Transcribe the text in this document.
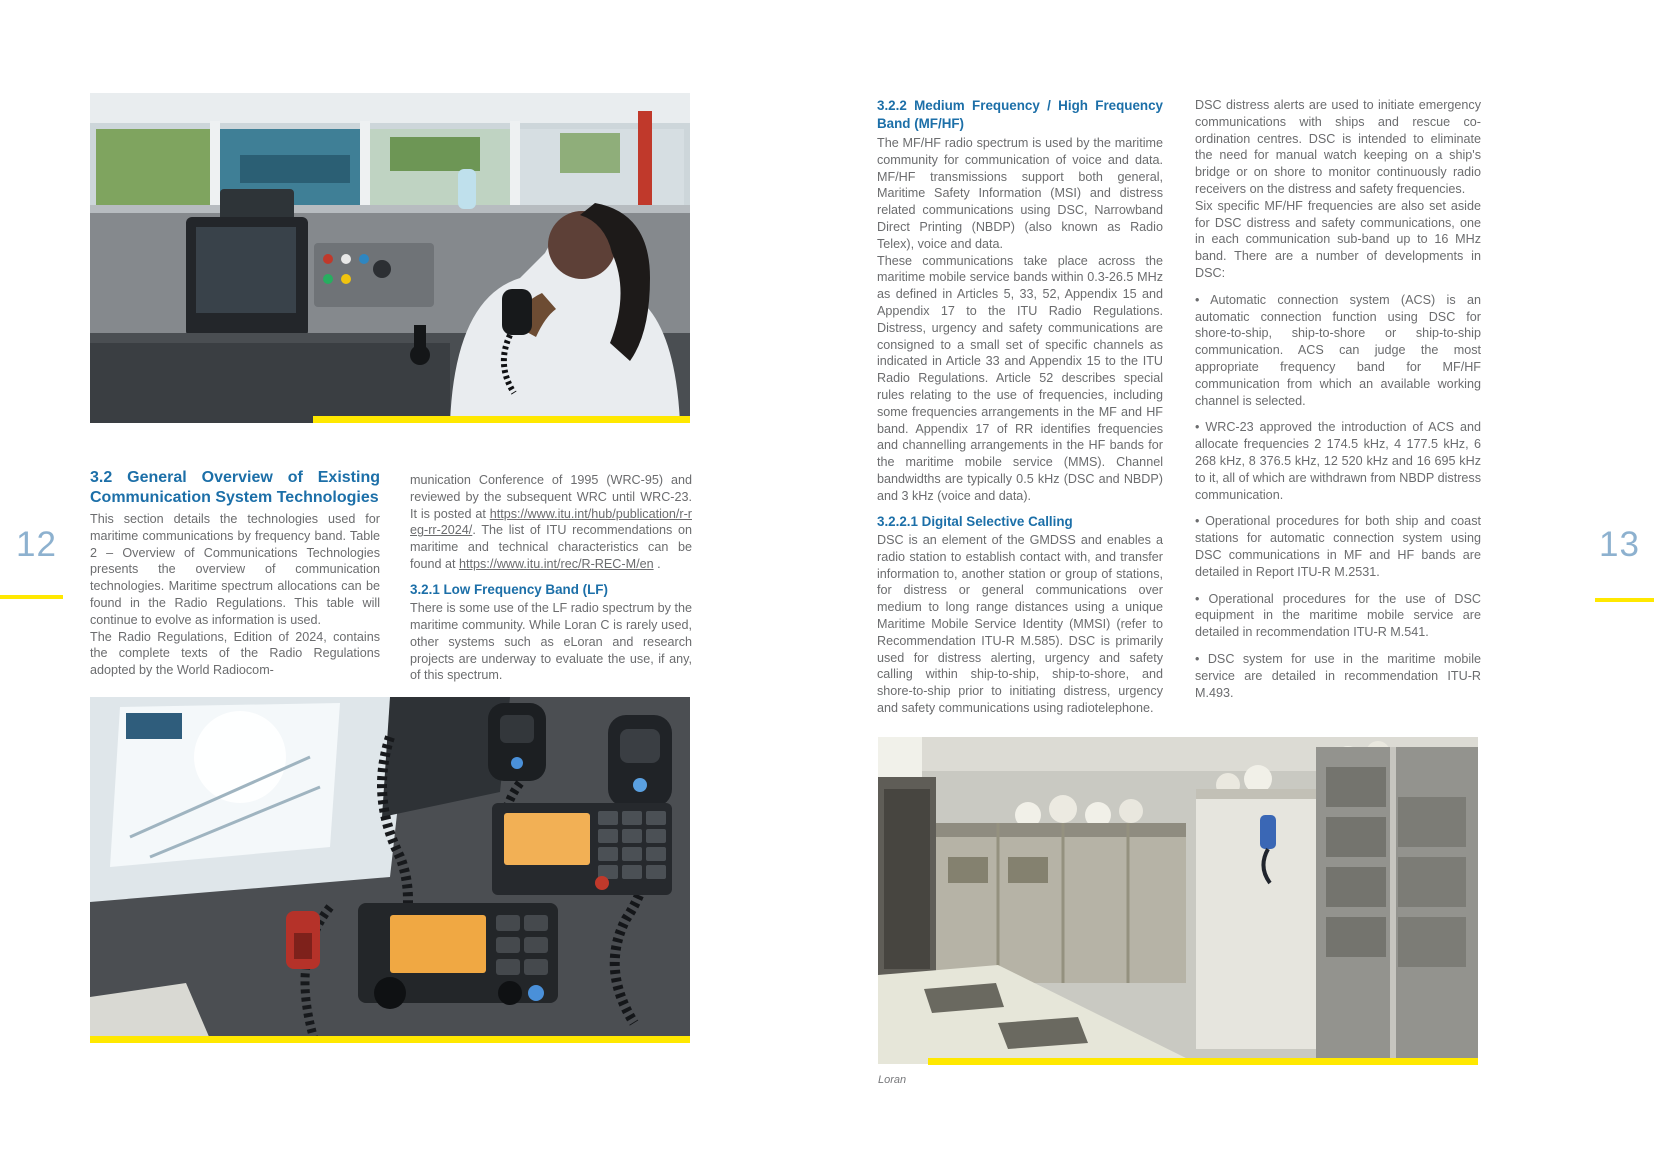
3.2 General Overview of Existing Communication System Technologies

This section details the technologies used for maritime communications by frequency band. Table 2 – Overview of Communications Technologies presents the overview of communication technologies. Maritime spectrum allocations can be found in the Radio Regulations. This table will continue to evolve as information is used.

The Radio Regulations, Edition of 2024, contains the complete texts of the Radio Regulations adopted by the World Radiocom-

munication Conference of 1995 (WRC-95) and reviewed by the subsequent WRC until WRC-23. It is posted at https://www.itu.int/hub/publication/r-reg-rr-2024/. The list of ITU recommendations on maritime and technical characteristics can be found at https://www.itu.int/rec/R-REC-M/en .

3.2.1 Low Frequency Band (LF)

There is some use of the LF radio spectrum by the maritime community. While Loran C is rarely used, other systems such as eLoran and research projects are underway to evaluate the use, if any, of this spectrum.

12
3.2.2 Medium Frequency / High Frequency Band (MF/HF)

The MF/HF radio spectrum is used by the maritime community for communication of voice and data. MF/HF transmissions support both general, Maritime Safety Information (MSI) and distress related communications using DSC, Narrowband Direct Printing (NBDP) (also known as Radio Telex), voice and data.

These communications take place across the maritime mobile service bands within 0.3-26.5 MHz as defined in Articles 5, 33, 52, Appendix 15 and Appendix 17 to the ITU Radio Regulations. Distress, urgency and safety communications are consigned to a small set of specific channels as indicated in Article 33 and Appendix 15 to the ITU Radio Regulations. Article 52 describes special rules relating to the use of frequencies, including some frequencies arrangements in the MF and HF band. Appendix 17 of RR identifies frequencies and channelling arrangements in the HF bands for the maritime mobile service (MMS). Channel bandwidths are typically 0.5 kHz (DSC and NBDP) and 3 kHz (voice and data).

3.2.2.1 Digital Selective Calling

DSC is an element of the GMDSS and enables a radio station to establish contact with, and transfer information to, another station or group of stations, for distress or general communications over medium to long range distances using a unique Maritime Mobile Service Identity (MMSI) (refer to Recommendation ITU-R M.585). DSC is primarily used for distress alerting, urgency and safety calling within ship-to-ship, ship-to-shore, and shore-to-ship prior to initiating distress, urgency and safety communications using radiotelephone.

DSC distress alerts are used to initiate emergency communications with ships and rescue co-ordination centres. DSC is intended to eliminate the need for manual watch keeping on a ship's bridge or on shore to monitor continuously radio receivers on the distress and safety frequencies.

Six specific MF/HF frequencies are also set aside for DSC distress and safety communications, one in each communication sub-band up to 16 MHz band. There are a number of developments in DSC:

• Automatic connection system (ACS) is an automatic connection function using DSC for shore-to-ship, ship-to-shore or ship-to-ship communication. ACS can judge the most appropriate frequency band for MF/HF communication from which an available working channel is selected.

• WRC-23 approved the introduction of ACS and allocate frequencies 2 174.5 kHz, 4 177.5 kHz, 6 268 kHz, 8 376.5 kHz, 12 520 kHz and 16 695 kHz to it, all of which are withdrawn from NBDP distress communication.

• Operational procedures for both ship and coast stations for automatic connection system using DSC communications in MF and HF bands are detailed in Report ITU-R M.2531.

• Operational procedures for the use of DSC equipment in the maritime mobile service are detailed in recommendation ITU-R M.541.

• DSC system for use in the maritime mobile service are detailed in recommendation ITU-R M.493.

Loran
13
